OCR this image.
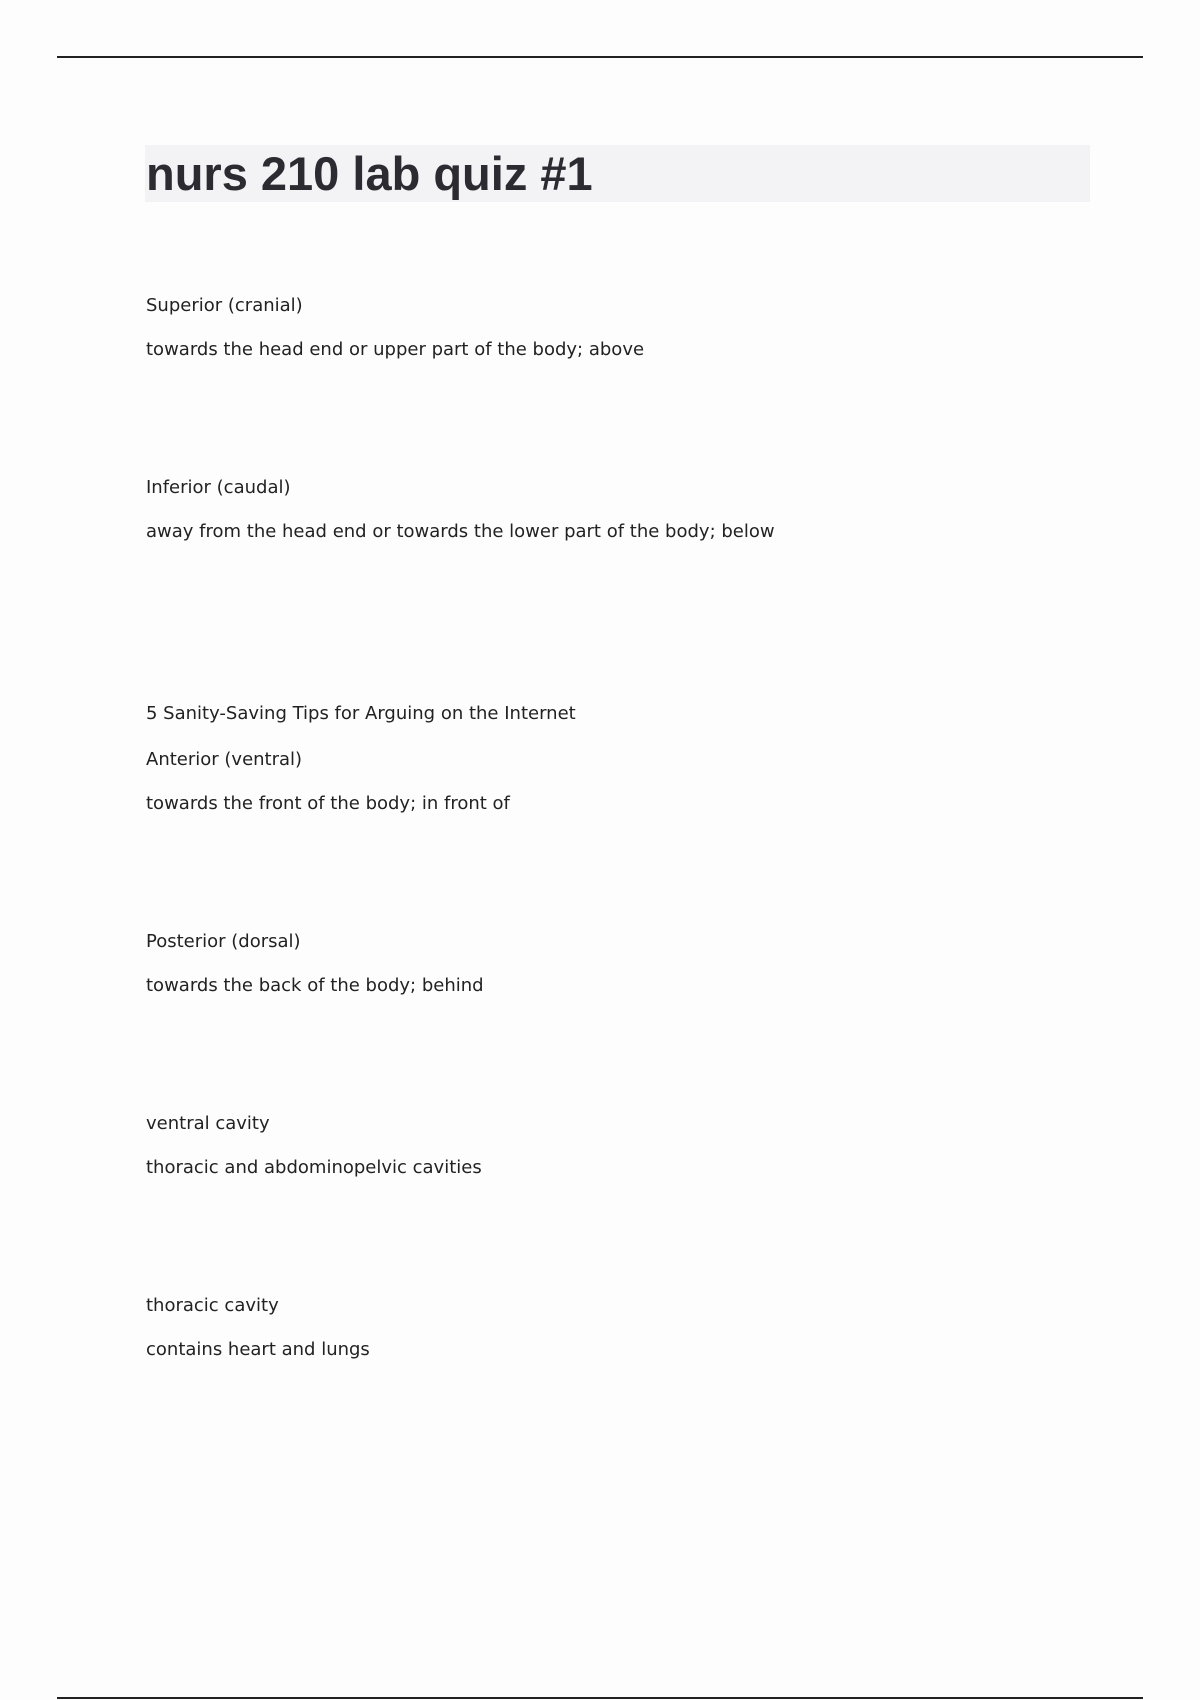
nurs 210 lab quiz #1

Superior (cranial)

towards the head end or upper part of the body; above

Inferior (caudal)

away from the head end or towards the lower part of the body; below

5 Sanity-Saving Tips for Arguing on the Internet

Anterior (ventral)

towards the front of the body; in front of

Posterior (dorsal)

towards the back of the body; behind

ventral cavity

thoracic and abdominopelvic cavities

thoracic cavity

contains heart and lungs
